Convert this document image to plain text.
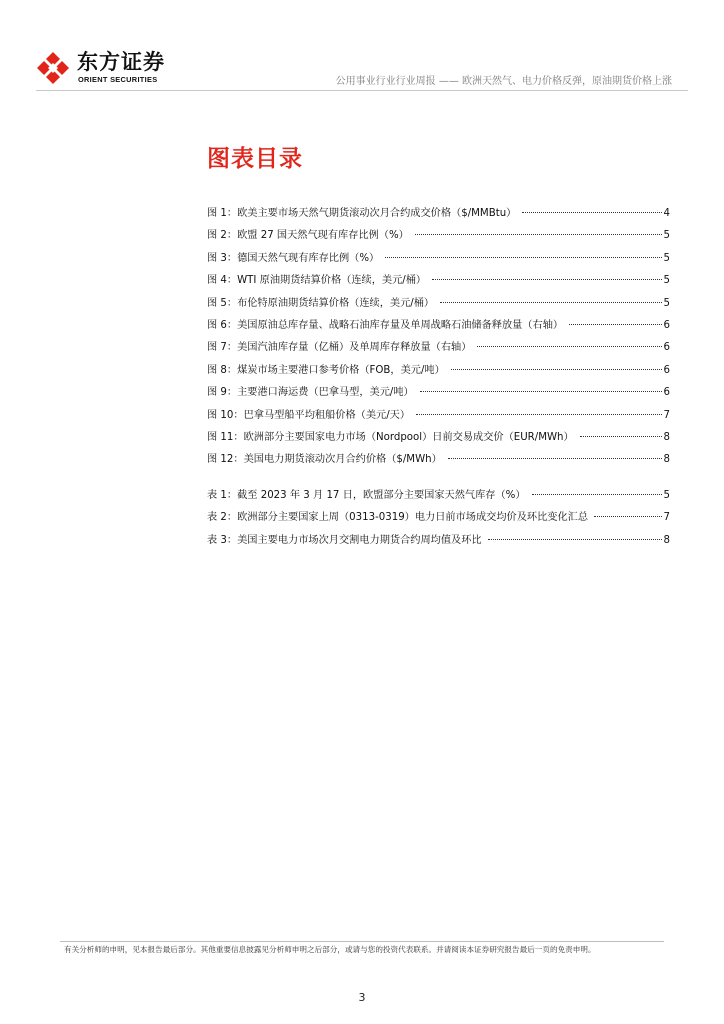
东方证券
ORIENT SECURITIES	公用事业行业行业周报 —— 欧洲天然气、电力价格反弹，原油期货价格上涨
图表目录
图 1：欧美主要市场天然气期货滚动次月合约成交价格（$/MMBtu）	4
图 2：欧盟 27 国天然气现有库存比例（%）	5
图 3：德国天然气现有库存比例（%）	5
图 4：WTI 原油期货结算价格（连续，美元/桶）	5
图 5：布伦特原油期货结算价格（连续，美元/桶）	5
图 6：美国原油总库存量、战略石油库存量及单周战略石油储备释放量（右轴）	6
图 7：美国汽油库存量（亿桶）及单周库存释放量（右轴）	6
图 8：煤炭市场主要港口参考价格（FOB，美元/吨）	6
图 9：主要港口海运费（巴拿马型，美元/吨）	6
图 10：巴拿马型船平均租船价格（美元/天）	7
图 11：欧洲部分主要国家电力市场（Nordpool）日前交易成交价（EUR/MWh）	8
图 12：美国电力期货滚动次月合约价格（$/MWh）	8
表 1：截至 2023 年 3 月 17 日，欧盟部分主要国家天然气库存（%）	5
表 2：欧洲部分主要国家上周（0313-0319）电力日前市场成交均价及环比变化汇总	7
表 3：美国主要电力市场次月交割电力期货合约周均值及环比	8
有关分析师的申明，见本报告最后部分。其他重要信息披露见分析师申明之后部分，或请与您的投资代表联系。并请阅读本证券研究报告最后一页的免责申明。
3
